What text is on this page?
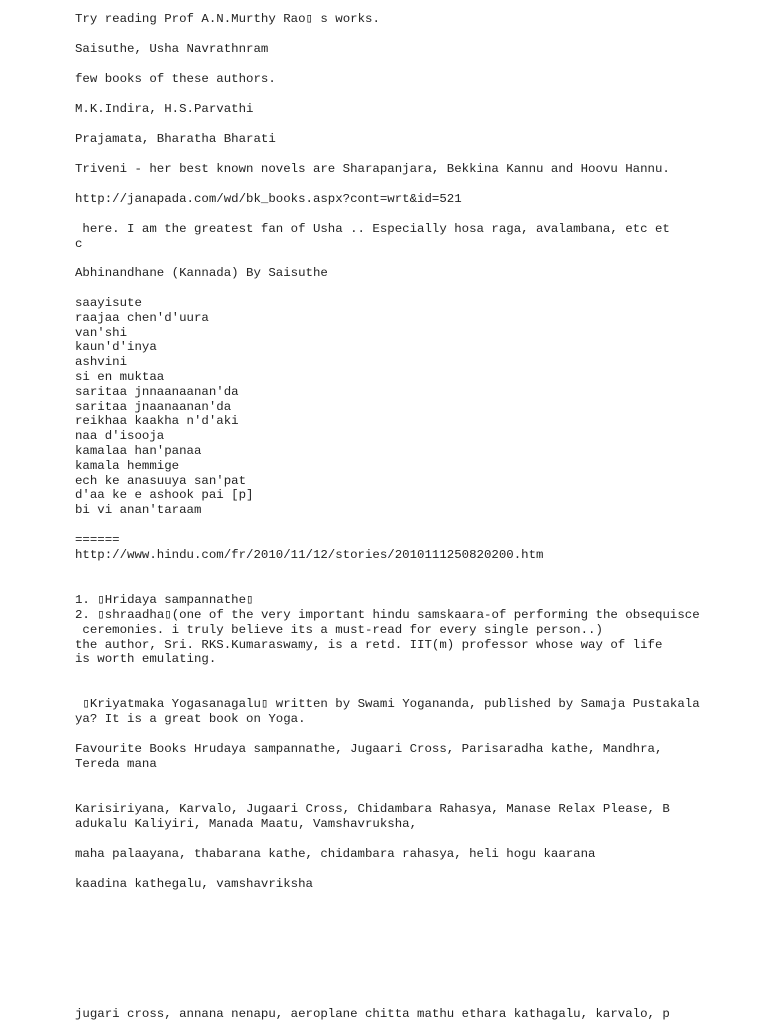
Try reading Prof A.N.Murthy Rao▯ s works.
Saisuthe, Usha Navrathnram
few books of these authors.
M.K.Indira, H.S.Parvathi
Prajamata, Bharatha Bharati
Triveni - her best known novels are Sharapanjara, Bekkina Kannu and Hoovu Hannu.
http://janapada.com/wd/bk_books.aspx?cont=wrt&id=521
here. I am the greatest fan of Usha .. Especially hosa raga, avalambana, etc et
c
Abhinandhane (Kannada) By Saisuthe
saayisute
raajaa chen'd'uura
van'shi
kaun'd'inya
ashvini
si en muktaa
saritaa jnnaanaanan'da
saritaa jnaanaanan'da
reikhaa kaakha n'd'aki
naa d'isooja
kamalaa han'panaa
kamala hemmige
ech ke anasuuya san'pat
d'aa ke e ashook pai [p]
bi vi anan'taraam
======
http://www.hindu.com/fr/2010/11/12/stories/2010111250820200.htm
1. ▯Hridaya sampannathe▯
2. ▯shraadha▯(one of the very important hindu samskaara-of performing the obsequisce
ceremonies. i truly believe its a must-read for every single person..)
the author, Sri. RKS.Kumaraswamy, is a retd. IIT(m) professor whose way of life
is worth emulating.
▯Kriyatmaka Yogasanagalu▯ written by Swami Yogananda, published by Samaja Pustakala
ya? It is a great book on Yoga.
Favourite Books Hrudaya sampannathe, Jugaari Cross, Parisaradha kathe, Mandhra,
Tereda mana
Karisiriyana, Karvalo, Jugaari Cross, Chidambara Rahasya, Manase Relax Please, B
adukalu Kaliyiri, Manada Maatu, Vamshavruksha,
maha palaayana, thabarana kathe, chidambara rahasya, heli hogu kaarana
kaadina kathegalu, vamshavriksha
jugari cross, annana nenapu, aeroplane chitta mathu ethara kathagalu, karvalo, p
